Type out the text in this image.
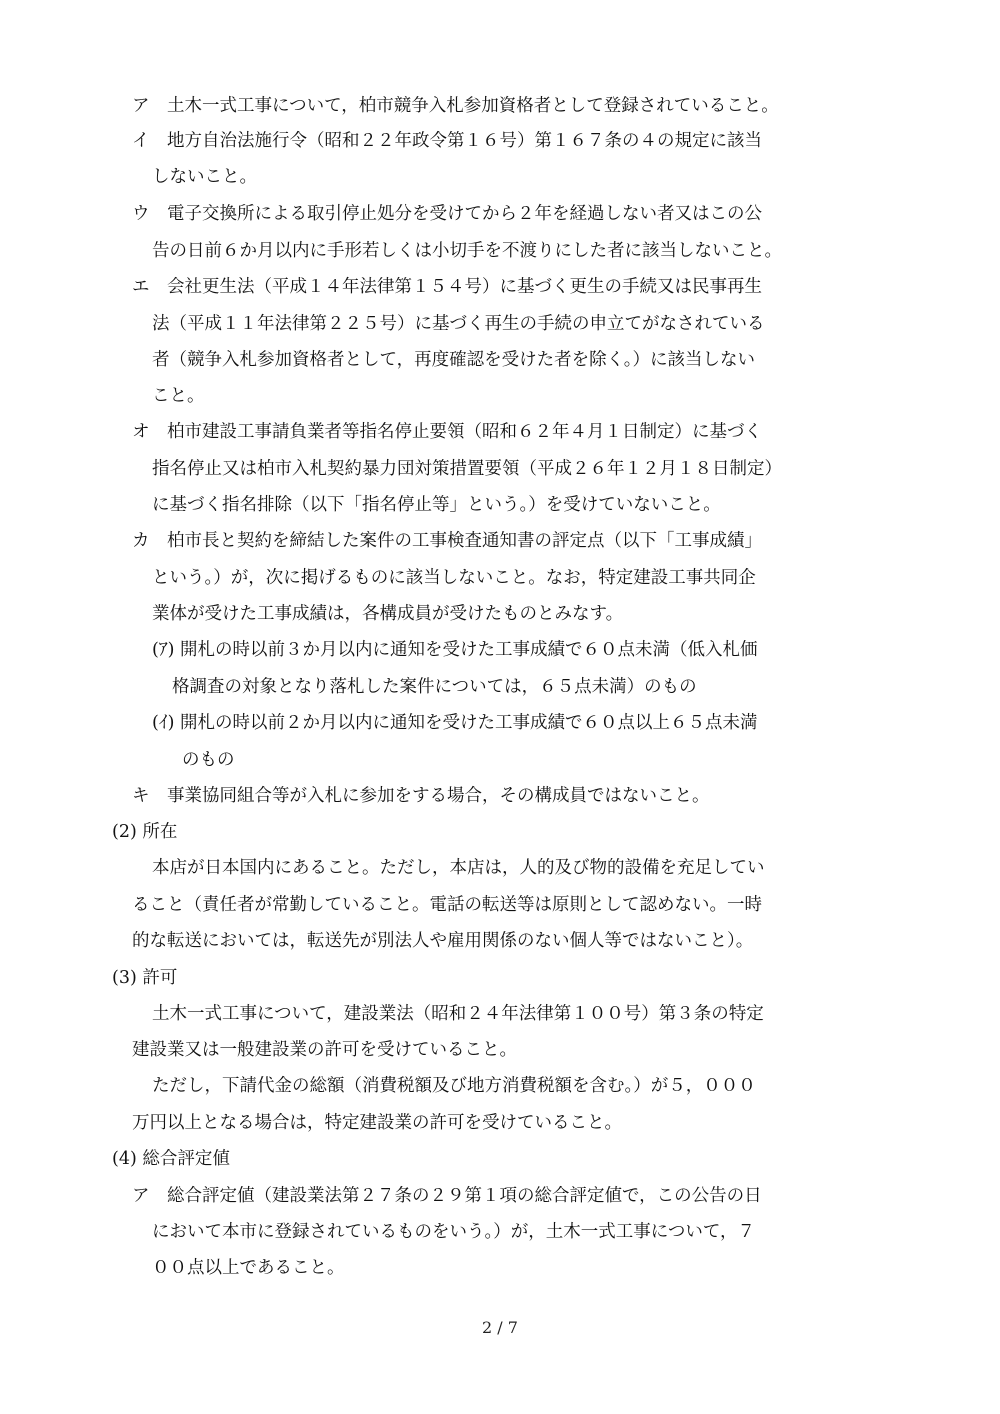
ア　土木一式工事について，柏市競争入札参加資格者として登録されていること。
イ　地方自治法施行令（昭和２２年政令第１６号）第１６７条の４の規定に該当
しないこと。
ウ　電子交換所による取引停止処分を受けてから２年を経過しない者又はこの公
告の日前６か月以内に手形若しくは小切手を不渡りにした者に該当しないこと。
エ　会社更生法（平成１４年法律第１５４号）に基づく更生の手続又は民事再生
法（平成１１年法律第２２５号）に基づく再生の手続の申立てがなされている
者（競争入札参加資格者として，再度確認を受けた者を除く。）に該当しない
こと。
オ　柏市建設工事請負業者等指名停止要領（昭和６２年４月１日制定）に基づく
指名停止又は柏市入札契約暴力団対策措置要領（平成２６年１２月１８日制定）
に基づく指名排除（以下「指名停止等」という。）を受けていないこと。
カ　柏市長と契約を締結した案件の工事検査通知書の評定点（以下「工事成績」
という。）が，次に掲げるものに該当しないこと。なお，特定建設工事共同企
業体が受けた工事成績は，各構成員が受けたものとみなす。
(ｱ) 開札の時以前３か月以内に通知を受けた工事成績で６０点未満（低入札価
格調査の対象となり落札した案件については，６５点未満）のもの
(ｲ) 開札の時以前２か月以内に通知を受けた工事成績で６０点以上６５点未満
のもの
キ　事業協同組合等が入札に参加をする場合，その構成員ではないこと。
(2) 所在
本店が日本国内にあること。ただし，本店は，人的及び物的設備を充足してい
ること（責任者が常勤していること。電話の転送等は原則として認めない。一時
的な転送においては，転送先が別法人や雇用関係のない個人等ではないこと）。
(3) 許可
土木一式工事について，建設業法（昭和２４年法律第１００号）第３条の特定
建設業又は一般建設業の許可を受けていること。
ただし，下請代金の総額（消費税額及び地方消費税額を含む。）が５，０００
万円以上となる場合は，特定建設業の許可を受けていること。
(4) 総合評定値
ア　総合評定値（建設業法第２７条の２９第１項の総合評定値で，この公告の日
において本市に登録されているものをいう。）が，土木一式工事について，７
００点以上であること。
2 / 7
